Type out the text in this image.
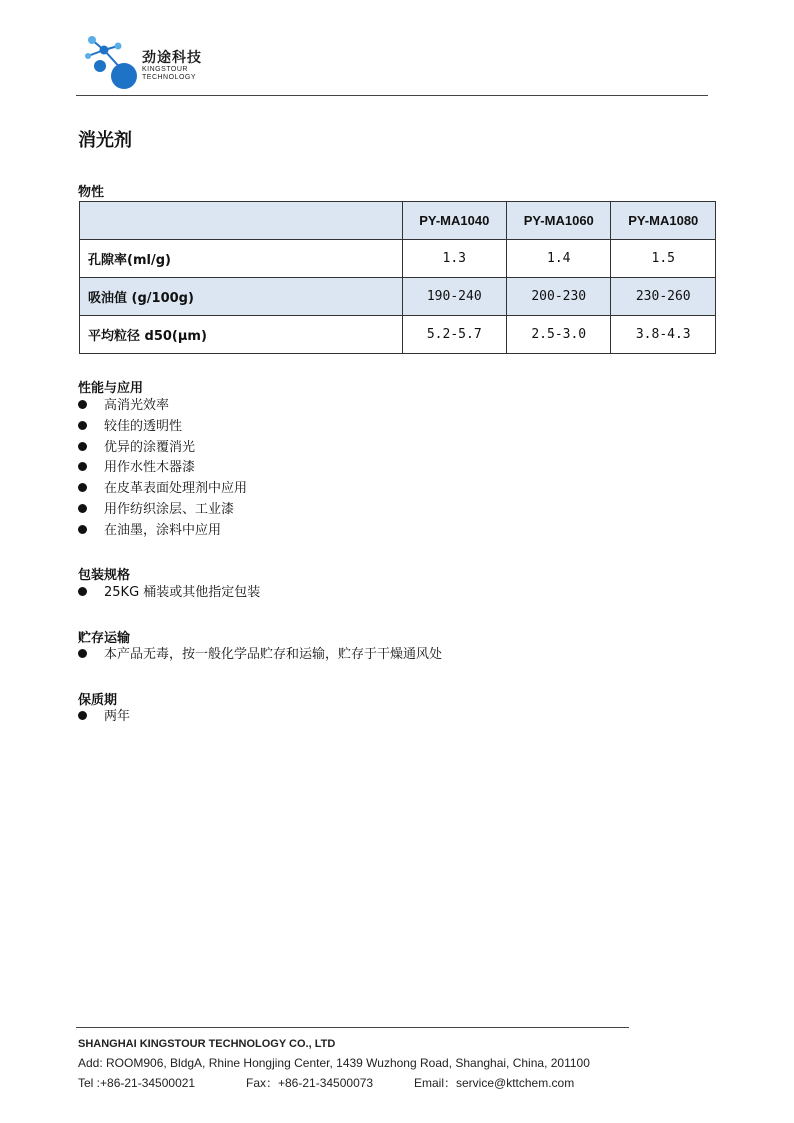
劲途科技
KINGSTOUR
TECHNOLOGY
消光剂
物性
	PY-MA1040	PY-MA1060	PY-MA1080
孔隙率(ml/g)	1.3	1.4	1.5
吸油值 (g/100g)	190-240	200-230	230-260
平均粒径 d50(μm)	5.2-5.7	2.5-3.0	3.8-4.3
性能与应用
高消光效率
较佳的透明性
优异的涂覆消光
用作水性木器漆
在皮革表面处理剂中应用
用作纺织涂层、工业漆
在油墨，涂料中应用
包装规格
25KG 桶装或其他指定包装
贮存运输
本产品无毒，按一般化学品贮存和运输，贮存于干燥通风处
保质期
两年
SHANGHAI KINGSTOUR TECHNOLOGY CO., LTD
Add: ROOM906, BldgA, Rhine Hongjing Center, 1439 Wuzhong Road, Shanghai, China, 201100
Tel :+86-21-34500021	Fax：+86-21-34500073	Email：service@kttchem.com
